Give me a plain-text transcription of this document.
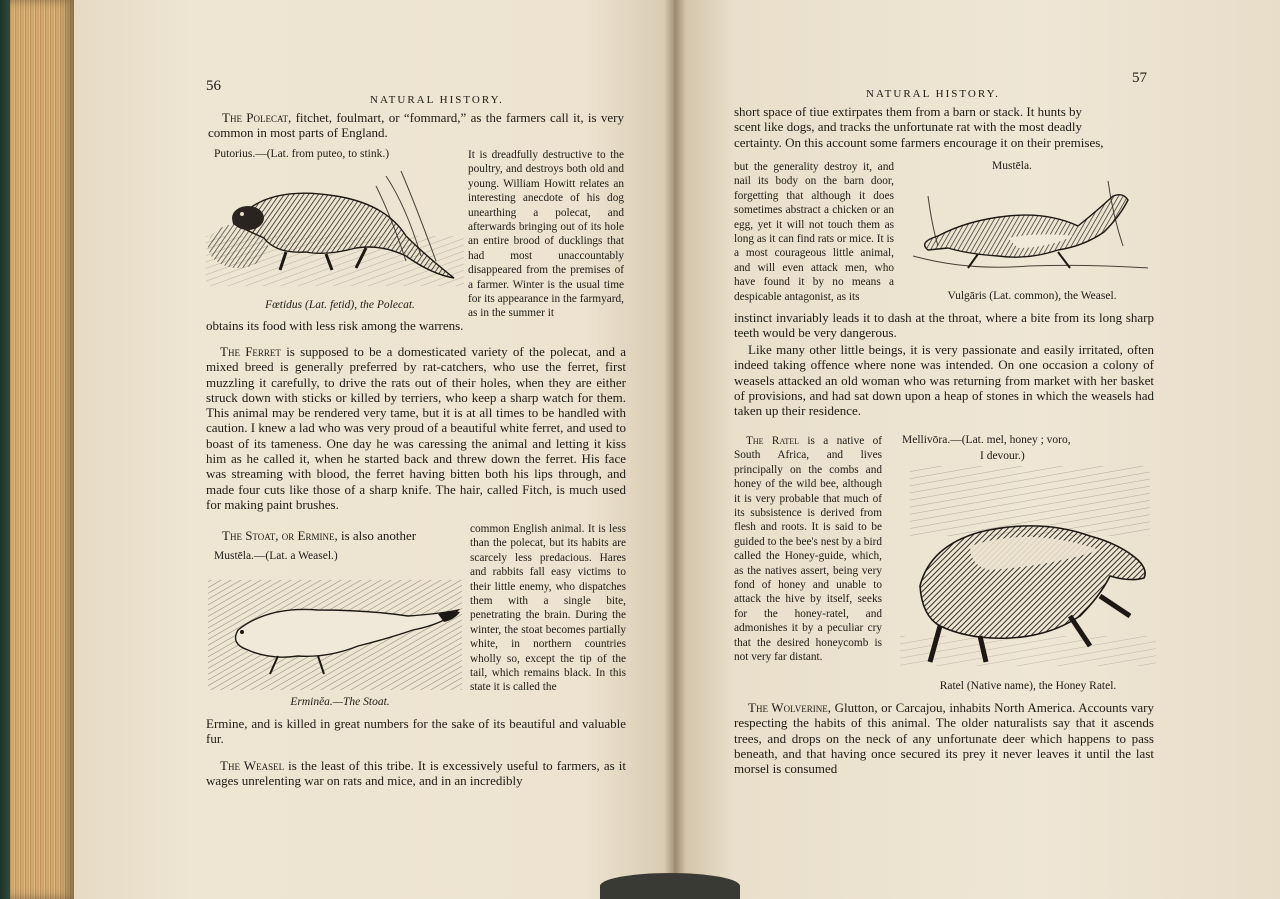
56
NATURAL HISTORY.

The Polecat, fitchet, foulmart, or “fommard,” as the farmers call it, is very common in most parts of England.

Putorius.—(Lat. from puteo, to stink.)	It is dreadfully destructive to the poultry, and destroys both old and young. William Howitt relates an interesting anecdote of his dog unearthing a polecat, and afterwards bringing out of its hole an entire brood of ducklings that had most unaccountably disappeared from the premises of a farmer. Winter is the usual time for its appearance in the farmyard, as in the summer it

Fœtidus (Lat. fetid), the Polecat.

obtains its food with less risk among the warrens.

The Ferret is supposed to be a domesticated variety of the polecat, and a mixed breed is generally preferred by rat-catchers, who use the ferret, first muzzling it carefully, to drive the rats out of their holes, when they are either struck down with sticks or killed by terriers, who keep a sharp watch for them. This animal may be rendered very tame, but it is at all times to be handled with caution. I knew a lad who was very proud of a beautiful white ferret, and used to boast of its tameness. One day he was caressing the animal and letting it kiss him as he called it, when he started back and threw down the ferret. His face was streaming with blood, the ferret having bitten both his lips through, and made four cuts like those of a sharp knife. The hair, called Fitch, is much used for making paint brushes.

The Stoat, or Ermine, is also another

Mustēla.—(Lat. a Weasel.)

common English animal. It is less than the polecat, but its habits are scarcely less predacious. Hares and rabbits fall easy victims to their little enemy, who dispatches them with a single bite, penetrating the brain. During the winter, the stoat becomes partially white, in northern countries wholly so, except the tip of the tail, which remains black. In this state it is called the

Erminĕa.—The Stoat.

Ermine, and is killed in great numbers for the sake of its beautiful and valuable fur.

The Weasel is the least of this tribe. It is excessively useful to farmers, as it wages unrelenting war on rats and mice, and in an incredibly

NATURAL HISTORY.
57
short space of tiue extirpates them from a barn or stack. It hunts by
scent like dogs, and tracks the unfortunate rat with the most deadly
certainty. On this account some farmers encourage it on their premises,
Mustēla.

but the generality destroy it, and nail its body on the barn door, forgetting that although it does sometimes abstract a chicken or an egg, yet it will not touch them as long as it can find rats or mice. It is a most courageous little animal, and will even attack men, who have found it by no means a despicable antagonist, as its	Vulgāris (Lat. common), the Weasel.

instinct invariably leads it to dash at the throat, where a bite from its long sharp teeth would be very dangerous.

Like many other little beings, it is very passionate and easily irritated, often indeed taking offence where none was intended. On one occasion a colony of weasels attacked an old woman who was returning from market with her basket of provisions, and had sat down upon a heap of stones in which the weasels had taken up their residence.

The Ratel is a native of South Africa, and lives principally on the combs and honey of the wild bee, although it is very probable that much of its subsistence is derived from flesh and roots. It is said to be guided to the bee's nest by a bird called the Honey-guide, which, as the natives assert, being very fond of honey and unable to attack the hive by itself, seeks for the honey-ratel, and admonishes it by a peculiar cry that the desired honeycomb is not very far distant.

Mellivōra.—(Lat. mel, honey ; voro,
I devour.)
Ratel (Native name), the Honey Ratel.

The Wolverine, Glutton, or Carcajou, inhabits North America. Accounts vary respecting the habits of this animal. The older naturalists say that it ascends trees, and drops on the neck of any unfortunate deer which happens to pass beneath, and that having once secured its prey it never leaves it until the last morsel is consumed
